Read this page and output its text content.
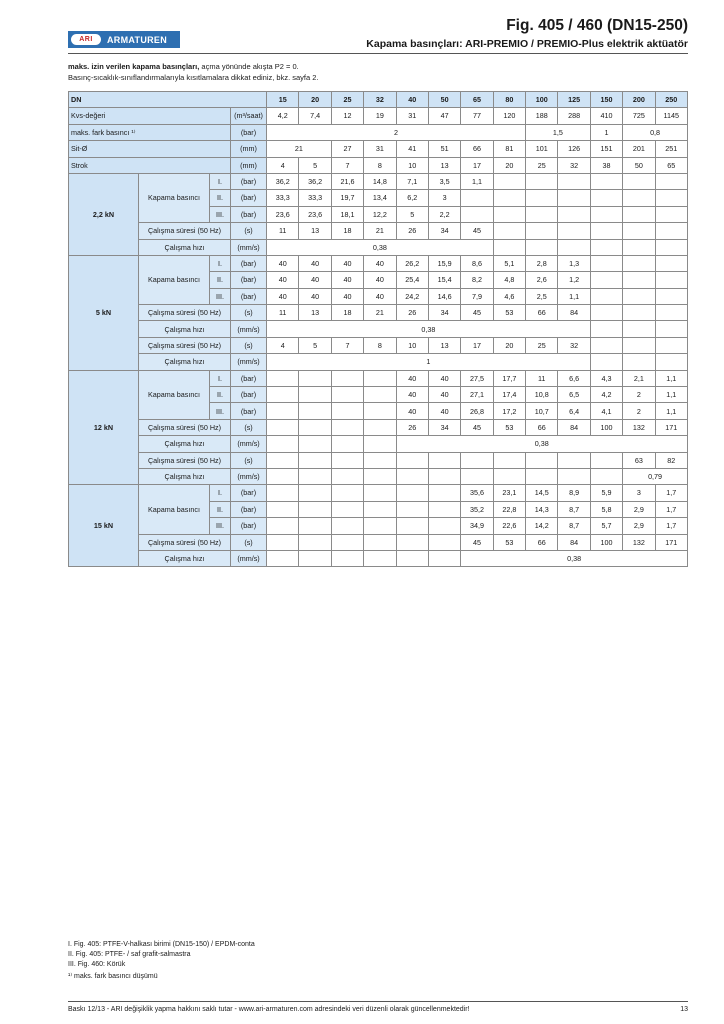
ARI	ARMATUREN
Fig. 405 / 460 (DN15-250)
Kapama basınçları: ARI-PREMIO / PREMIO-Plus elektrik aktüatör
maks. izin verilen kapama basınçları, açma yönünde akışta P2 = 0.
Basınç-sıcaklık-sınıflandırmalarıyla kısıtlamalara dikkat ediniz, bkz. sayfa 2.
DN				15	20	25	32	40	50	65	80	100	125	150	200	250
Kvs-değeri			(m³/saat)	4,2	7,4	12	19	31	47	77	120	188	288	410	725	1145
maks. fark basıncı ¹⁾			(bar)	2								1,5		1	0,8	
Sit-Ø			(mm)	21		27	31	41	51	66	81	101	126	151	201	251
Strok			(mm)	4	5	7	8	10	13	17	20	25	32	38	50	65
2,2 kN	Kapama basıncı	I.	(bar)	36,2	36,2	21,6	14,8	7,1	3,5	1,1						
		II.	(bar)	33,3	33,3	19,7	13,4	6,2	3							
		III.	(bar)	23,6	23,6	18,1	12,2	5	2,2							
	Çalışma süresi (50 Hz)		(s)	11	13	18	21	26	34	45						
	Çalışma hızı		(mm/s)	0,38												
5 kN	Kapama basıncı	I.	(bar)	40	40	40	40	26,2	15,9	8,6	5,1	2,8	1,3			
		II.	(bar)	40	40	40	40	25,4	15,4	8,2	4,8	2,6	1,2			
		III.	(bar)	40	40	40	40	24,2	14,6	7,9	4,6	2,5	1,1			
	Çalışma süresi (50 Hz)		(s)	11	13	18	21	26	34	45	53	66	84			
	Çalışma hızı		(mm/s)	0,38												
	Çalışma süresi (50 Hz)		(s)	4	5	7	8	10	13	17	20	25	32			
	Çalışma hızı		(mm/s)	1												
12 kN	Kapama basıncı	I.	(bar)					40	40	27,5	17,7	11	6,6	4,3	2,1	1,1
		II.	(bar)					40	40	27,1	17,4	10,8	6,5	4,2	2	1,1
		III.	(bar)					40	40	26,8	17,2	10,7	6,4	4,1	2	1,1
	Çalışma süresi (50 Hz)		(s)					26	34	45	53	66	84	100	132	171
	Çalışma hızı		(mm/s)					0,38								
	Çalışma süresi (50 Hz)		(s)												63	82
	Çalışma hızı		(mm/s)												0,79	
15 kN	Kapama basıncı	I.	(bar)							35,6	23,1	14,5	8,9	5,9	3	1,7
		II.	(bar)							35,2	22,8	14,3	8,7	5,8	2,9	1,7
		III.	(bar)							34,9	22,6	14,2	8,7	5,7	2,9	1,7
	Çalışma süresi (50 Hz)		(s)							45	53	66	84	100	132	171
	Çalışma hızı		(mm/s)							0,38						
I. Fig. 405: PTFE-V-halkası birimi (DN15-150) / EPDM-conta
II. Fig. 405: PTFE- / saf grafit-salmastra
III. Fig. 460: Körük
¹⁾ maks. fark basıncı düşümü
Baskı 12/13 - ARI değişiklik yapma hakkını saklı tutar - www.ari-armaturen.com adresindeki veri düzenli olarak güncellenmektedir!	13
